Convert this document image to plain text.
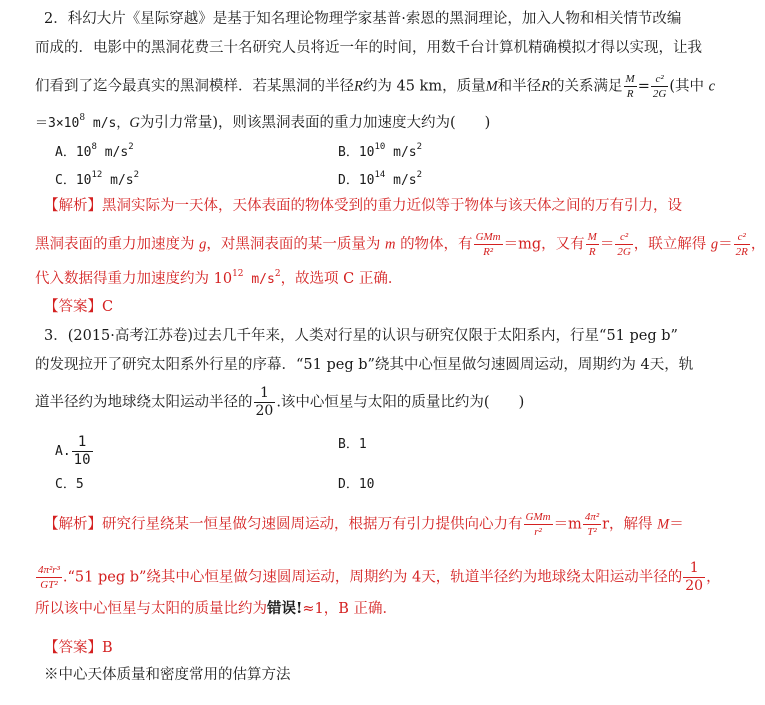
2．科幻大片《星际穿越》是基于知名理论物理学家基普·索恩的黑洞理论，加入人物和相关情节改编
而成的．电影中的黑洞花费三十名研究人员将近一年的时间，用数千台计算机精确模拟才得以实现，让我
们看到了迄今最真实的黑洞模样．若某黑洞的半径R约为 45 km，质量M和半径R的关系满足 $\frac{M}{R} = \frac{\text{c²}}{2G}$ (其中 c
$=3\times 10^8$ m/s，G为引力常量)，则该黑洞表面的重力加速度大约为(　　)
A．$10^8$ $m/s^2$	B．$10^{10}$ $m/s^2$
C．$10^{12}$ $m/s^2$	D．$10^{14}$ $m/s^2$
【解析】黑洞实际为一天体，天体表面的物体受到的重力近似等于物体与该天体之间的万有引力，设
黑洞表面的重力加速度为 g，对黑洞表面的某一质量为 m 的物体，有 $\frac{\text{GMm}}{\text{R²}} =mg$，又有 $\frac{M}{R} = \frac{\text{c²}}{2G}$ ，联立解得 $g= \frac{\text{c²}}{2R}$ ，
代入数据得重力加速度约为 $10^{12}$ $m/s^2$，故选项 C 正确．
【答案】C
3．(2015·高考江苏卷)过去几千年来，人类对行星的认识与研究仅限于太阳系内，行星“51 peg b”
的发现拉开了研究太阳系外行星的序幕．“51 peg b”绕其中心恒星做匀速圆周运动，周期约为 4天，轨
道半径约为地球绕太阳运动半径的 $\frac{1}{20}$ .该中心恒星与太阳的质量比约为(　　)
A. $\frac{1}{10}$	B．1
C．5	D．10
【解析】研究行星绕某一恒星做匀速圆周运动，根据万有引力提供向心力有 $\frac{\text{GMm}}{\text{r²}} =m \frac{\text{4π²}}{\text{T²}}$ r，解得 M＝
$\frac{\text{4π²r³}}{\text{GT²}}$ .“51 peg b”绕其中心恒星做匀速圆周运动，周期约为 4天，轨道半径约为地球绕太阳运动半径的 $\frac{1}{20}$ ，
所以该中心恒星与太阳的质量比约为错误!≈1，B 正确．
【答案】B
※中心天体质量和密度常用的估算方法
